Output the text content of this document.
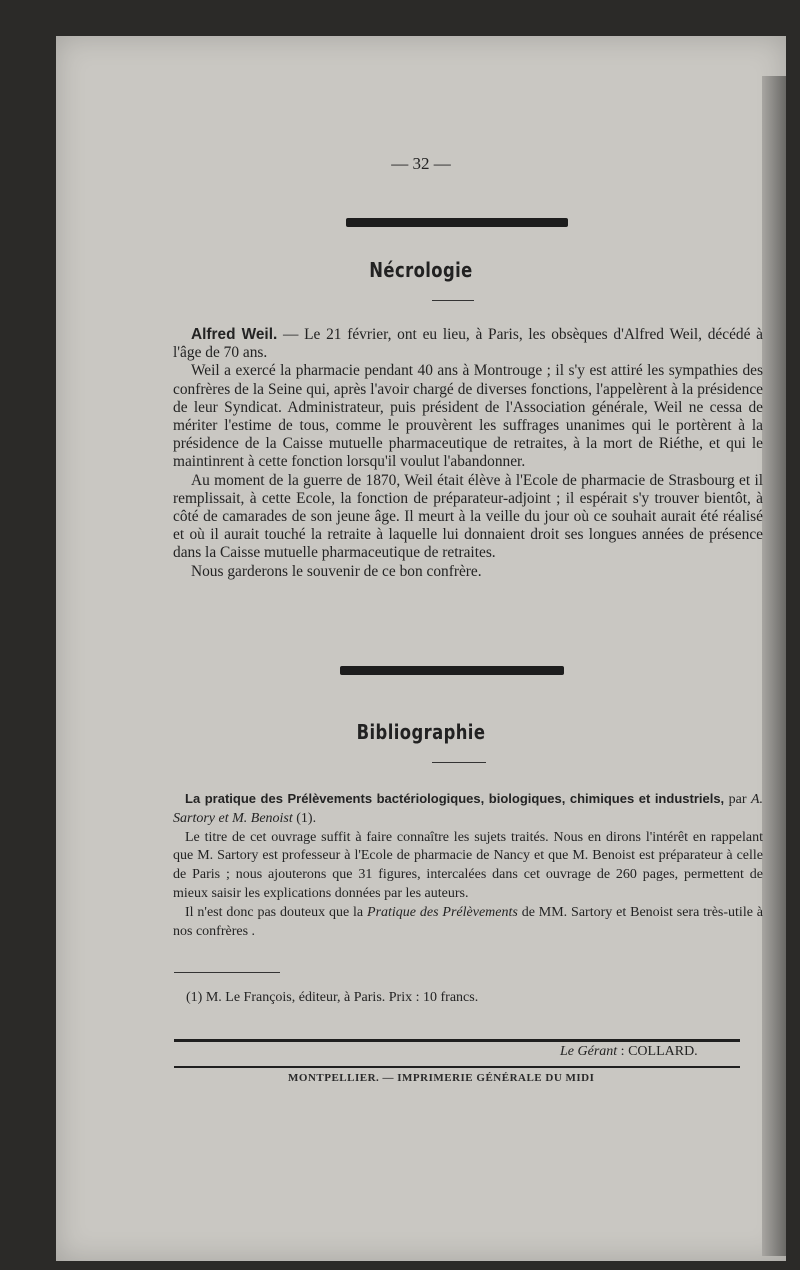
— 32 —
Nécrologie
Alfred Weil. — Le 21 février, ont eu lieu, à Paris, les obsèques d'Alfred Weil, décédé à l'âge de 70 ans.
Weil a exercé la pharmacie pendant 40 ans à Montrouge ; il s'y est attiré les sympathies des confrères de la Seine qui, après l'avoir chargé de diverses fonctions, l'appelèrent à la présidence de leur Syndicat. Administrateur, puis président de l'Association générale, Weil ne cessa de mériter l'estime de tous, comme le prouvèrent les suffrages unanimes qui le portèrent à la présidence de la Caisse mutuelle pharmaceutique de retraites, à la mort de Riéthe, et qui le maintinrent à cette fonction lorsqu'il voulut l'abandonner.
Au moment de la guerre de 1870, Weil était élève à l'Ecole de pharmacie de Strasbourg et il remplissait, à cette Ecole, la fonction de préparateur-adjoint ; il espérait s'y trouver bientôt, à côté de camarades de son jeune âge. Il meurt à la veille du jour où ce souhait aurait été réalisé et où il aurait touché la retraite à laquelle lui donnaient droit ses longues années de présence dans la Caisse mutuelle pharmaceutique de retraites.
Nous garderons le souvenir de ce bon confrère.
Bibliographie
La pratique des Prélèvements bactériologiques, biologiques, chimiques et industriels, par A. Sartory et M. Benoist (1).
Le titre de cet ouvrage suffit à faire connaître les sujets traités. Nous en dirons l'intérêt en rappelant que M. Sartory est professeur à l'Ecole de pharmacie de Nancy et que M. Benoist est préparateur à celle de Paris ; nous ajouterons que 31 figures, intercalées dans cet ouvrage de 260 pages, permettent de mieux saisir les explications données par les auteurs.
Il n'est donc pas douteux que la Pratique des Prélèvements de MM. Sartory et Benoist sera très-utile à nos confrères .
(1) M. Le François, éditeur, à Paris. Prix : 10 francs.
Le Gérant : COLLARD.
MONTPELLIER. — IMPRIMERIE GÉNÉRALE DU MIDI
